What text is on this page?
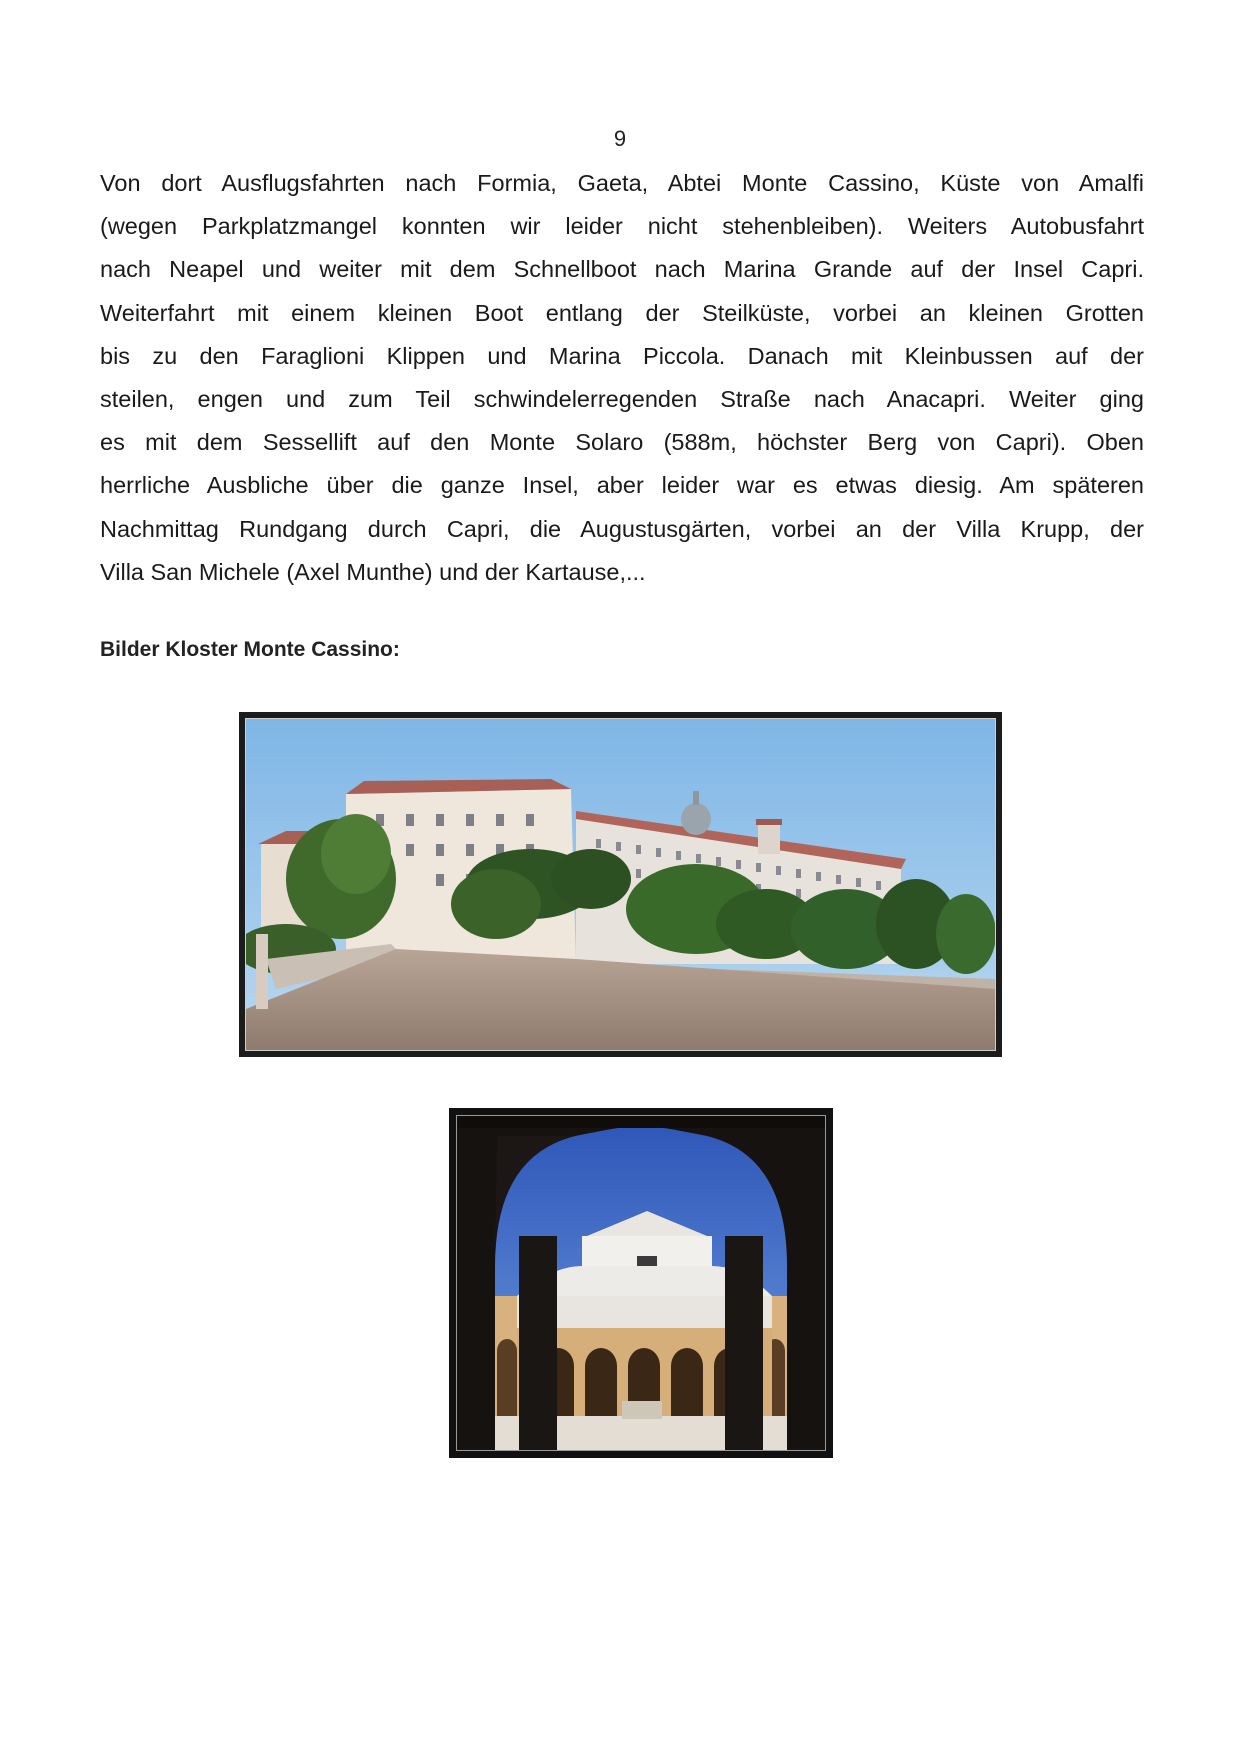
9
Von dort Ausflugsfahrten nach Formia, Gaeta, Abtei Monte Cassino, Küste von Amalfi
(wegen Parkplatzmangel konnten wir leider nicht stehenbleiben). Weiters Autobusfahrt
nach Neapel und weiter mit dem Schnellboot nach Marina Grande auf der Insel Capri.
Weiterfahrt mit einem kleinen Boot entlang der Steilküste, vorbei an kleinen Grotten
bis zu den Faraglioni Klippen und Marina Piccola. Danach mit Kleinbussen auf der
steilen, engen und zum Teil schwindelerregenden Straße nach Anacapri. Weiter ging
es mit dem Sessellift auf den Monte Solaro (588m, höchster Berg von Capri). Oben
herrliche Ausbliche über die ganze Insel, aber leider war es etwas diesig. Am späteren
Nachmittag Rundgang durch Capri, die Augustusgärten, vorbei an der Villa Krupp, der
Villa San Michele (Axel Munthe) und der Kartause,...
Bilder Kloster Monte Cassino:
